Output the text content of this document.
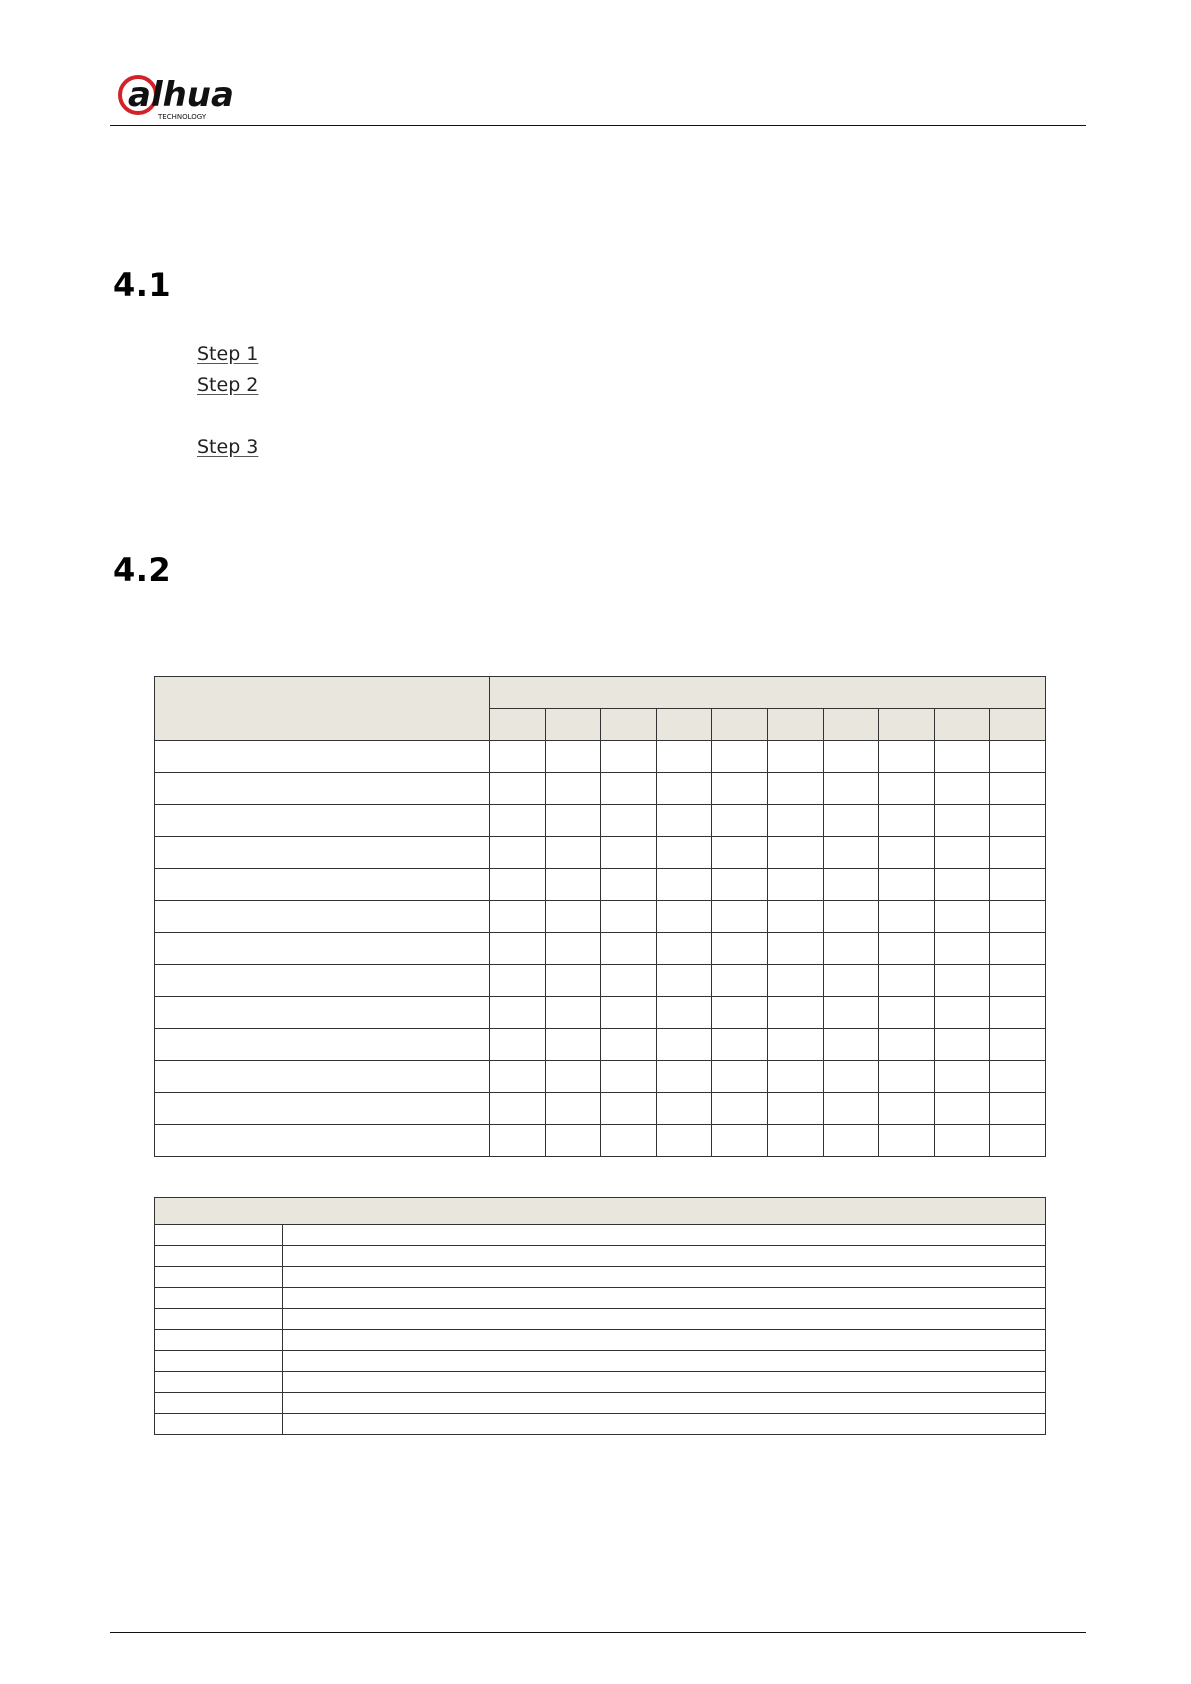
alhua
TECHNOLOGY
4.1
Step 1
Step 2
Step 3
4.2
